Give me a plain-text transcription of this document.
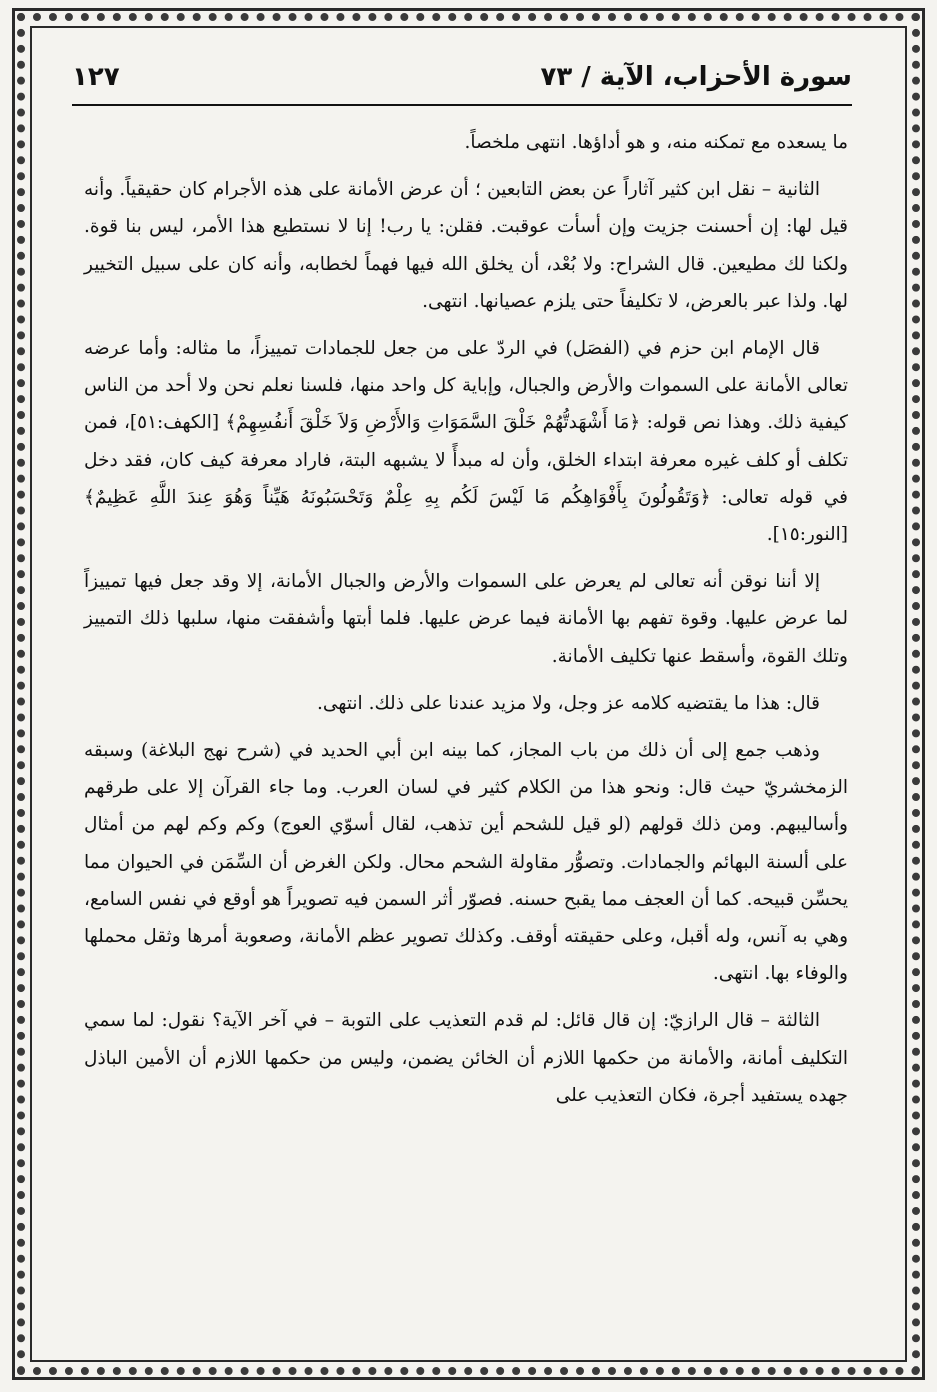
سورة الأحزاب، الآية / ٧٣
١٢٧

ما يسعده مع تمكنه منه، و هو أداؤها. انتهى ملخصاً.

الثانية – نقل ابن كثير آثاراً عن بعض التابعين ؛ أن عرض الأمانة على هذه الأجرام كان حقيقياً. وأنه قيل لها: إن أحسنت جزيت وإن أسأت عوقبت. فقلن: يا رب! إنا لا نستطيع هذا الأمر، ليس بنا قوة. ولكنا لك مطيعين. قال الشراح: ولا بُعْد، أن يخلق الله فيها فهماً لخطابه، وأنه كان على سبيل التخيير لها. ولذا عبر بالعرض، لا تكليفاً حتى يلزم عصيانها. انتهى.

قال الإمام ابن حزم في (الفصَل) في الردّ على من جعل للجمادات تمييزاً، ما مثاله: وأما عرضه تعالى الأمانة على السموات والأرض والجبال، وإباية كل واحد منها، فلسنا نعلم نحن ولا أحد من الناس كيفية ذلك. وهذا نص قوله: ﴿مَا أَشْهَدتُّهُمْ خَلْقَ السَّمَوَاتِ وَالأَرْضِ وَلاَ خَلْقَ أَنفُسِهِمْ﴾ [الكهف:٥١]، فمن تكلف أو كلف غيره معرفة ابتداء الخلق، وأن له مبدأً لا يشبهه البتة، فاراد معرفة كيف كان، فقد دخل في قوله تعالى: ﴿وَتَقُولُونَ بِأَفْوَاهِكُم مَا لَيْسَ لَكُم بِهِ عِلْمٌ وَتَحْسَبُونَهُ هَيِّناً وَهُوَ عِندَ اللَّهِ عَظِيمٌ﴾ [النور:١٥].

إلا أننا نوقن أنه تعالى لم يعرض على السموات والأرض والجبال الأمانة، إلا وقد جعل فيها تمييزاً لما عرض عليها. وقوة تفهم بها الأمانة فيما عرض عليها. فلما أبتها وأشفقت منها، سلبها ذلك التمييز وتلك القوة، وأسقط عنها تكليف الأمانة.

قال: هذا ما يقتضيه كلامه عز وجل، ولا مزيد عندنا على ذلك. انتهى.

وذهب جمع إلى أن ذلك من باب المجاز، كما بينه ابن أبي الحديد في (شرح نهج البلاغة) وسبقه الزمخشريّ حيث قال: ونحو هذا من الكلام كثير في لسان العرب. وما جاء القرآن إلا على طرقهم وأساليبهم. ومن ذلك قولهم (لو قيل للشحم أين تذهب، لقال أسوّي العوج) وكم وكم لهم من أمثال على ألسنة البهائم والجمادات. وتصوُّر مقاولة الشحم محال. ولكن الغرض أن السِّمَن في الحيوان مما يحسِّن قبيحه. كما أن العجف مما يقبح حسنه. فصوّر أثر السمن فيه تصويراً هو أوقع في نفس السامع، وهي به آنس، وله أقبل، وعلى حقيقته أوقف. وكذلك تصوير عظم الأمانة، وصعوبة أمرها وثقل محملها والوفاء بها. انتهى.

الثالثة – قال الرازيّ: إن قال قائل: لم قدم التعذيب على التوبة – في آخر الآية؟ نقول: لما سمي التكليف أمانة، والأمانة من حكمها اللازم أن الخائن يضمن، وليس من حكمها اللازم أن الأمين الباذل جهده يستفيد أجرة، فكان التعذيب على
